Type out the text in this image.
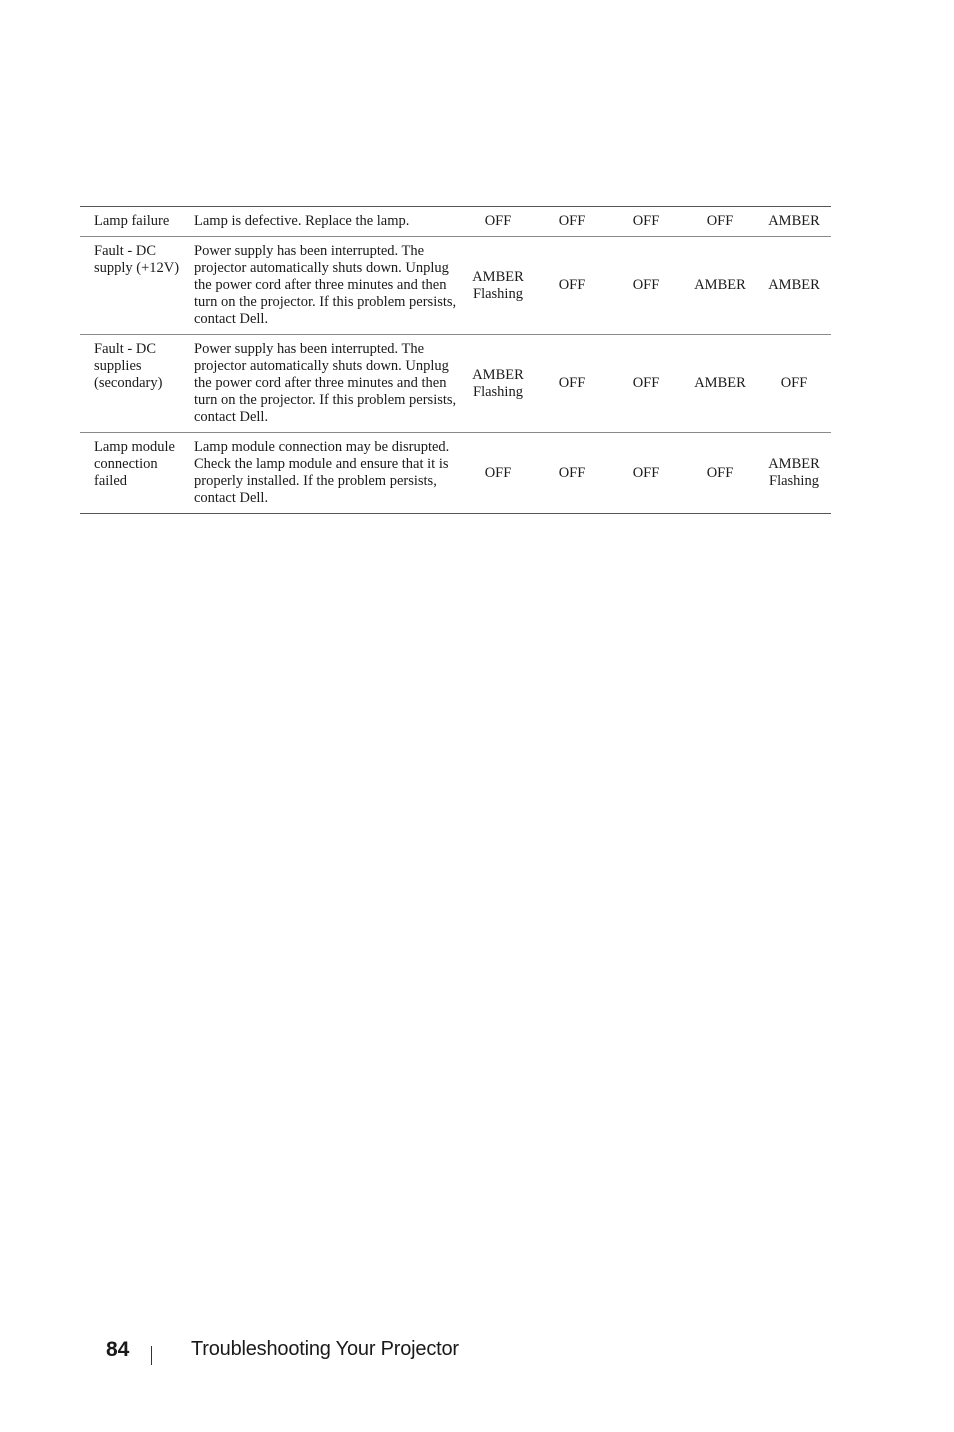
Lamp failure	Lamp is defective. Replace the lamp.	OFF	OFF	OFF	OFF	AMBER
Fault - DC supply (+12V)	Power supply has been interrupted. The projector automatically shuts down. Unplug the power cord after three minutes and then turn on the projector. If this problem persists, contact Dell.	AMBER Flashing	OFF	OFF	AMBER	AMBER
Fault - DC supplies (secondary)	Power supply has been interrupted. The projector automatically shuts down. Unplug the power cord after three minutes and then turn on the projector. If this problem persists, contact Dell.	AMBER Flashing	OFF	OFF	AMBER	OFF
Lamp module connection failed	Lamp module connection may be disrupted. Check the lamp module and ensure that it is properly installed. If the problem persists, contact Dell.	OFF	OFF	OFF	OFF	AMBER Flashing
84	Troubleshooting Your Projector
